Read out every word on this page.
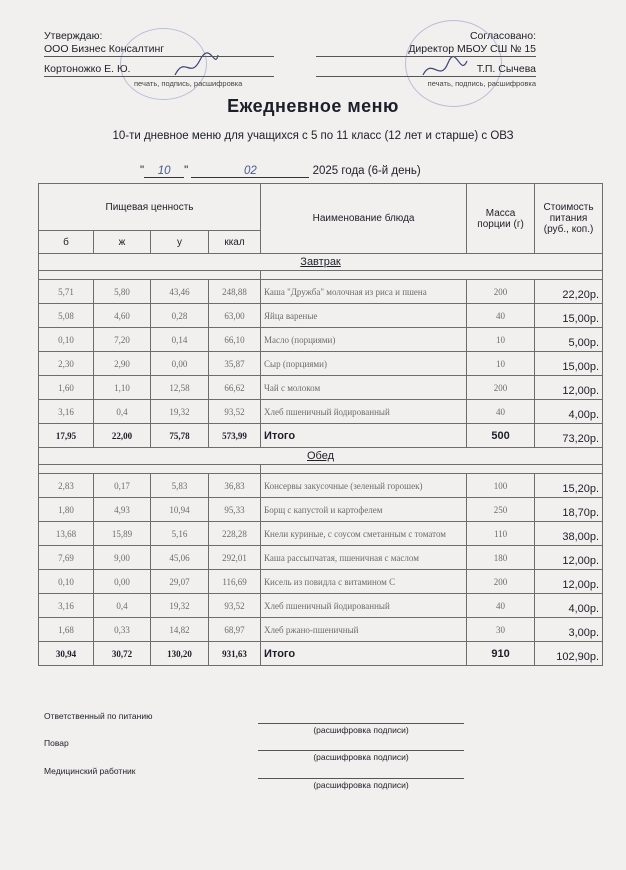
Утверждаю:
ООО Бизнес Консалтинг
Кортоножко Е. Ю.
печать, подпись, расшифровка
Согласовано:
Директор МБОУ СШ № 15
Т.П. Сычева
печать, подпись, расшифровка
Ежедневное меню
10-ти дневное меню для учащихся с 5 по 11 класс (12 лет и старше) с ОВЗ
" 10 "	02	2025 года (6-й день)
Пищевая ценность				Наименование блюда	Масса порции (г)	Стоимость питания (руб., коп.)
б	ж	у	ккал			
Завтрак						

5,71	5,80	43,46	248,88	Каша "Дружба" молочная из риса и пшена	200	22,20р.
5,08	4,60	0,28	63,00	Яйца вареные	40	15,00р.
0,10	7,20	0,14	66,10	Масло (порциями)	10	5,00р.
2,30	2,90	0,00	35,87	Сыр (порциями)	10	15,00р.
1,60	1,10	12,58	66,62	Чай с молоком	200	12,00р.
3,16	0,4	19,32	93,52	Хлеб пшеничный йодированный	40	4,00р.
17,95	22,00	75,78	573,99	Итого	500	73,20р.
Обед						

2,83	0,17	5,83	36,83	Консервы закусочные (зеленый горошек)	100	15,20р.
1,80	4,93	10,94	95,33	Борщ с капустой и картофелем	250	18,70р.
13,68	15,89	5,16	228,28	Кнели куриные, с соусом сметанным с томатом	110	38,00р.
7,69	9,00	45,06	292,01	Каша рассыпчатая, пшеничная с маслом	180	12,00р.
0,10	0,00	29,07	116,69	Кисель из повидла с витамином С	200	12,00р.
3,16	0,4	19,32	93,52	Хлеб пшеничный йодированный	40	4,00р.
1,68	0,33	14,82	68,97	Хлеб ржано-пшеничный	30	3,00р.
30,94	30,72	130,20	931,63	Итого	910	102,90р.
Ответственный по питанию
(расшифровка подписи)
Повар
(расшифровка подписи)
Медицинский работник
(расшифровка подписи)
